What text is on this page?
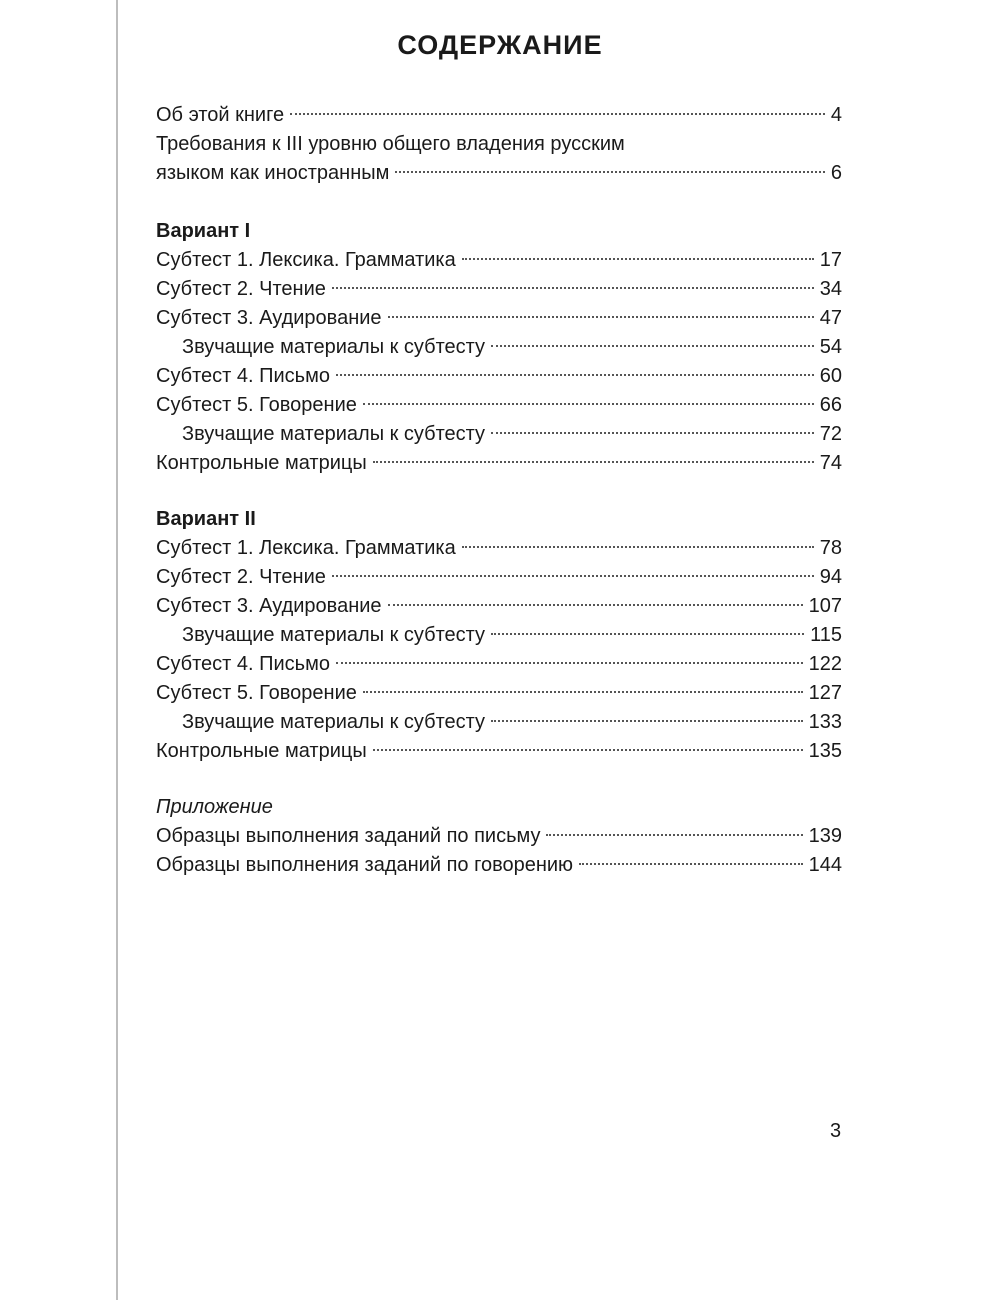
СОДЕРЖАНИЕ
Об этой книге	4
Требования к III уровню общего владения русским
языком как иностранным	6
Вариант I
Субтест 1. Лексика. Грамматика	17
Субтест 2. Чтение	34
Субтест 3. Аудирование	47
Звучащие материалы к субтесту	54
Субтест 4. Письмо	60
Субтест 5. Говорение	66
Звучащие материалы к субтесту	72
Контрольные матрицы	74
Вариант II
Субтест 1. Лексика. Грамматика	78
Субтест 2. Чтение	94
Субтест 3. Аудирование	107
Звучащие материалы к субтесту	115
Субтест 4. Письмо	122
Субтест 5. Говорение	127
Звучащие материалы к субтесту	133
Контрольные матрицы	135
Приложение
Образцы выполнения заданий по письму	139
Образцы выполнения заданий по говорению	144
3
